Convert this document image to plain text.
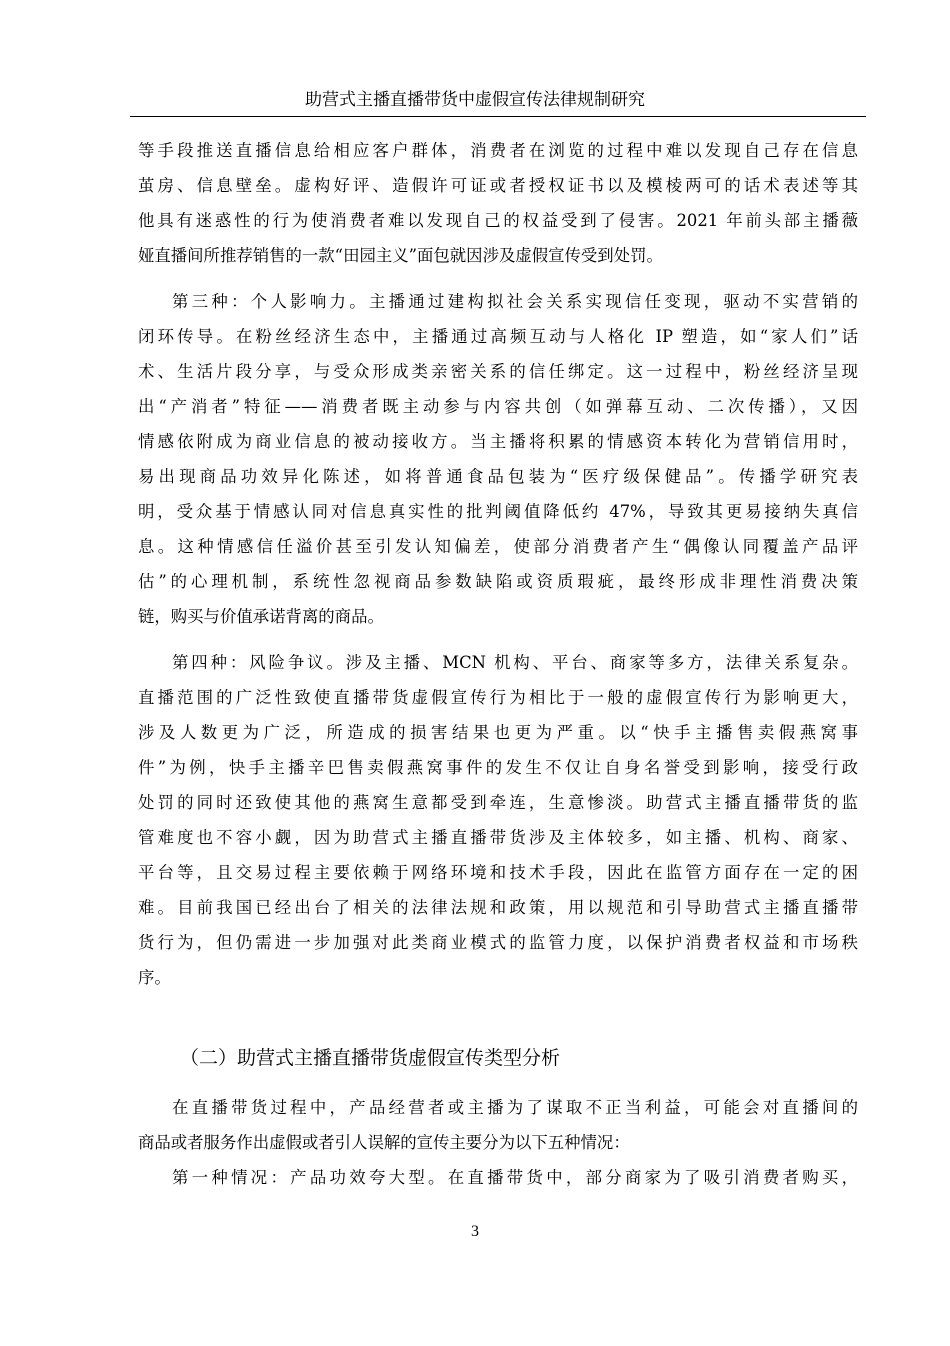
助营式主播直播带货中虚假宣传法律规制研究
等手段推送直播信息给相应客户群体，消费者在浏览的过程中难以发现自己存在信息
茧房、信息壁垒。虚构好评、造假许可证或者授权证书以及模棱两可的话术表述等其
他具有迷惑性的行为使消费者难以发现自己的权益受到了侵害。2021 年前头部主播薇
娅直播间所推荐销售的一款“田园主义”面包就因涉及虚假宣传受到处罚。
第三种：个人影响力。主播通过建构拟社会关系实现信任变现，驱动不实营销的
闭环传导。在粉丝经济生态中，主播通过高频互动与人格化 IP 塑造，如“家人们”话
术、生活片段分享，与受众形成类亲密关系的信任绑定。这一过程中，粉丝经济呈现
出“产消者”特征——消费者既主动参与内容共创（如弹幕互动、二次传播），又因
情感依附成为商业信息的被动接收方。当主播将积累的情感资本转化为营销信用时，
易出现商品功效异化陈述，如将普通食品包装为“医疗级保健品”。传播学研究表
明，受众基于情感认同对信息真实性的批判阈值降低约 47%，导致其更易接纳失真信
息。这种情感信任溢价甚至引发认知偏差，使部分消费者产生“偶像认同覆盖产品评
估”的心理机制，系统性忽视商品参数缺陷或资质瑕疵，最终形成非理性消费决策
链，购买与价值承诺背离的商品。
第四种：风险争议。涉及主播、MCN 机构、平台、商家等多方，法律关系复杂。
直播范围的广泛性致使直播带货虚假宣传行为相比于一般的虚假宣传行为影响更大，
涉及人数更为广泛，所造成的损害结果也更为严重。以“快手主播售卖假燕窝事
件”为例，快手主播辛巴售卖假燕窝事件的发生不仅让自身名誉受到影响，接受行政
处罚的同时还致使其他的燕窝生意都受到牵连，生意惨淡。助营式主播直播带货的监
管难度也不容小觑，因为助营式主播直播带货涉及主体较多，如主播、机构、商家、
平台等，且交易过程主要依赖于网络环境和技术手段，因此在监管方面存在一定的困
难。目前我国已经出台了相关的法律法规和政策，用以规范和引导助营式主播直播带
货行为，但仍需进一步加强对此类商业模式的监管力度，以保护消费者权益和市场秩
序。
（二）助营式主播直播带货虚假宣传类型分析
在直播带货过程中，产品经营者或主播为了谋取不正当利益，可能会对直播间的
商品或者服务作出虚假或者引人误解的宣传主要分为以下五种情况：
第一种情况：产品功效夸大型。在直播带货中，部分商家为了吸引消费者购买，
3
